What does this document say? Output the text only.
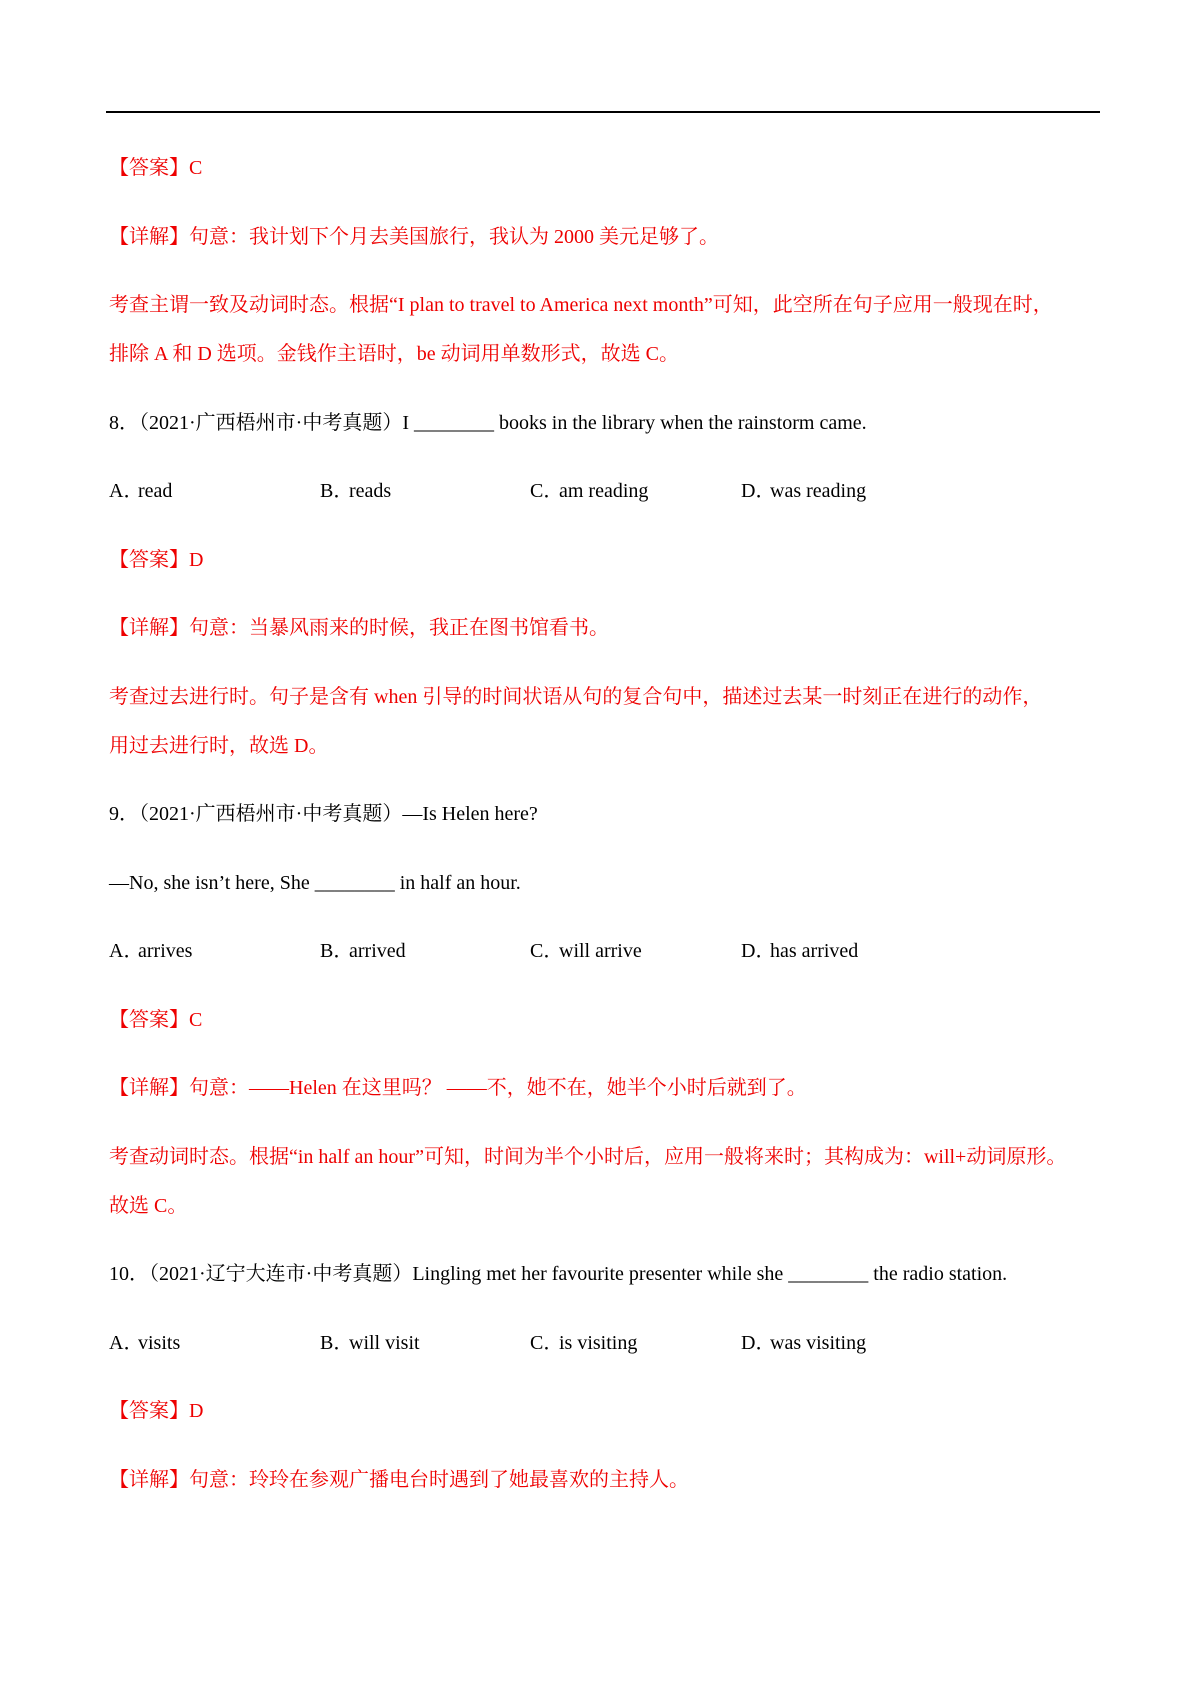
【答案】C
【详解】句意：我计划下个月去美国旅行，我认为 2000 美元足够了。
考查主谓一致及动词时态。根据“I plan to travel to America next month”可知，此空所在句子应用一般现在时，
排除 A 和 D 选项。金钱作主语时，be 动词用单数形式，故选 C。
8．（2021·广西梧州市·中考真题）I ________ books in the library when the rainstorm came.
A．read	B．reads	C．am reading	D．was reading
【答案】D
【详解】句意：当暴风雨来的时候，我正在图书馆看书。
考查过去进行时。句子是含有 when 引导的时间状语从句的复合句中，描述过去某一时刻正在进行的动作，
用过去进行时，故选 D。
9．（2021·广西梧州市·中考真题）—Is Helen here?
—No, she isn’t here, She ________ in half an hour.
A．arrives	B．arrived	C．will arrive	D．has arrived
【答案】C
【详解】句意：——Helen 在这里吗？ ——不，她不在，她半个小时后就到了。
考查动词时态。根据“in half an hour”可知，时间为半个小时后，应用一般将来时；其构成为：will+动词原形。
故选 C。
10．（2021·辽宁大连市·中考真题）Lingling met her favourite presenter while she ________ the radio station.
A．visits	B．will visit	C．is visiting	D．was visiting
【答案】D
【详解】句意：玲玲在参观广播电台时遇到了她最喜欢的主持人。
